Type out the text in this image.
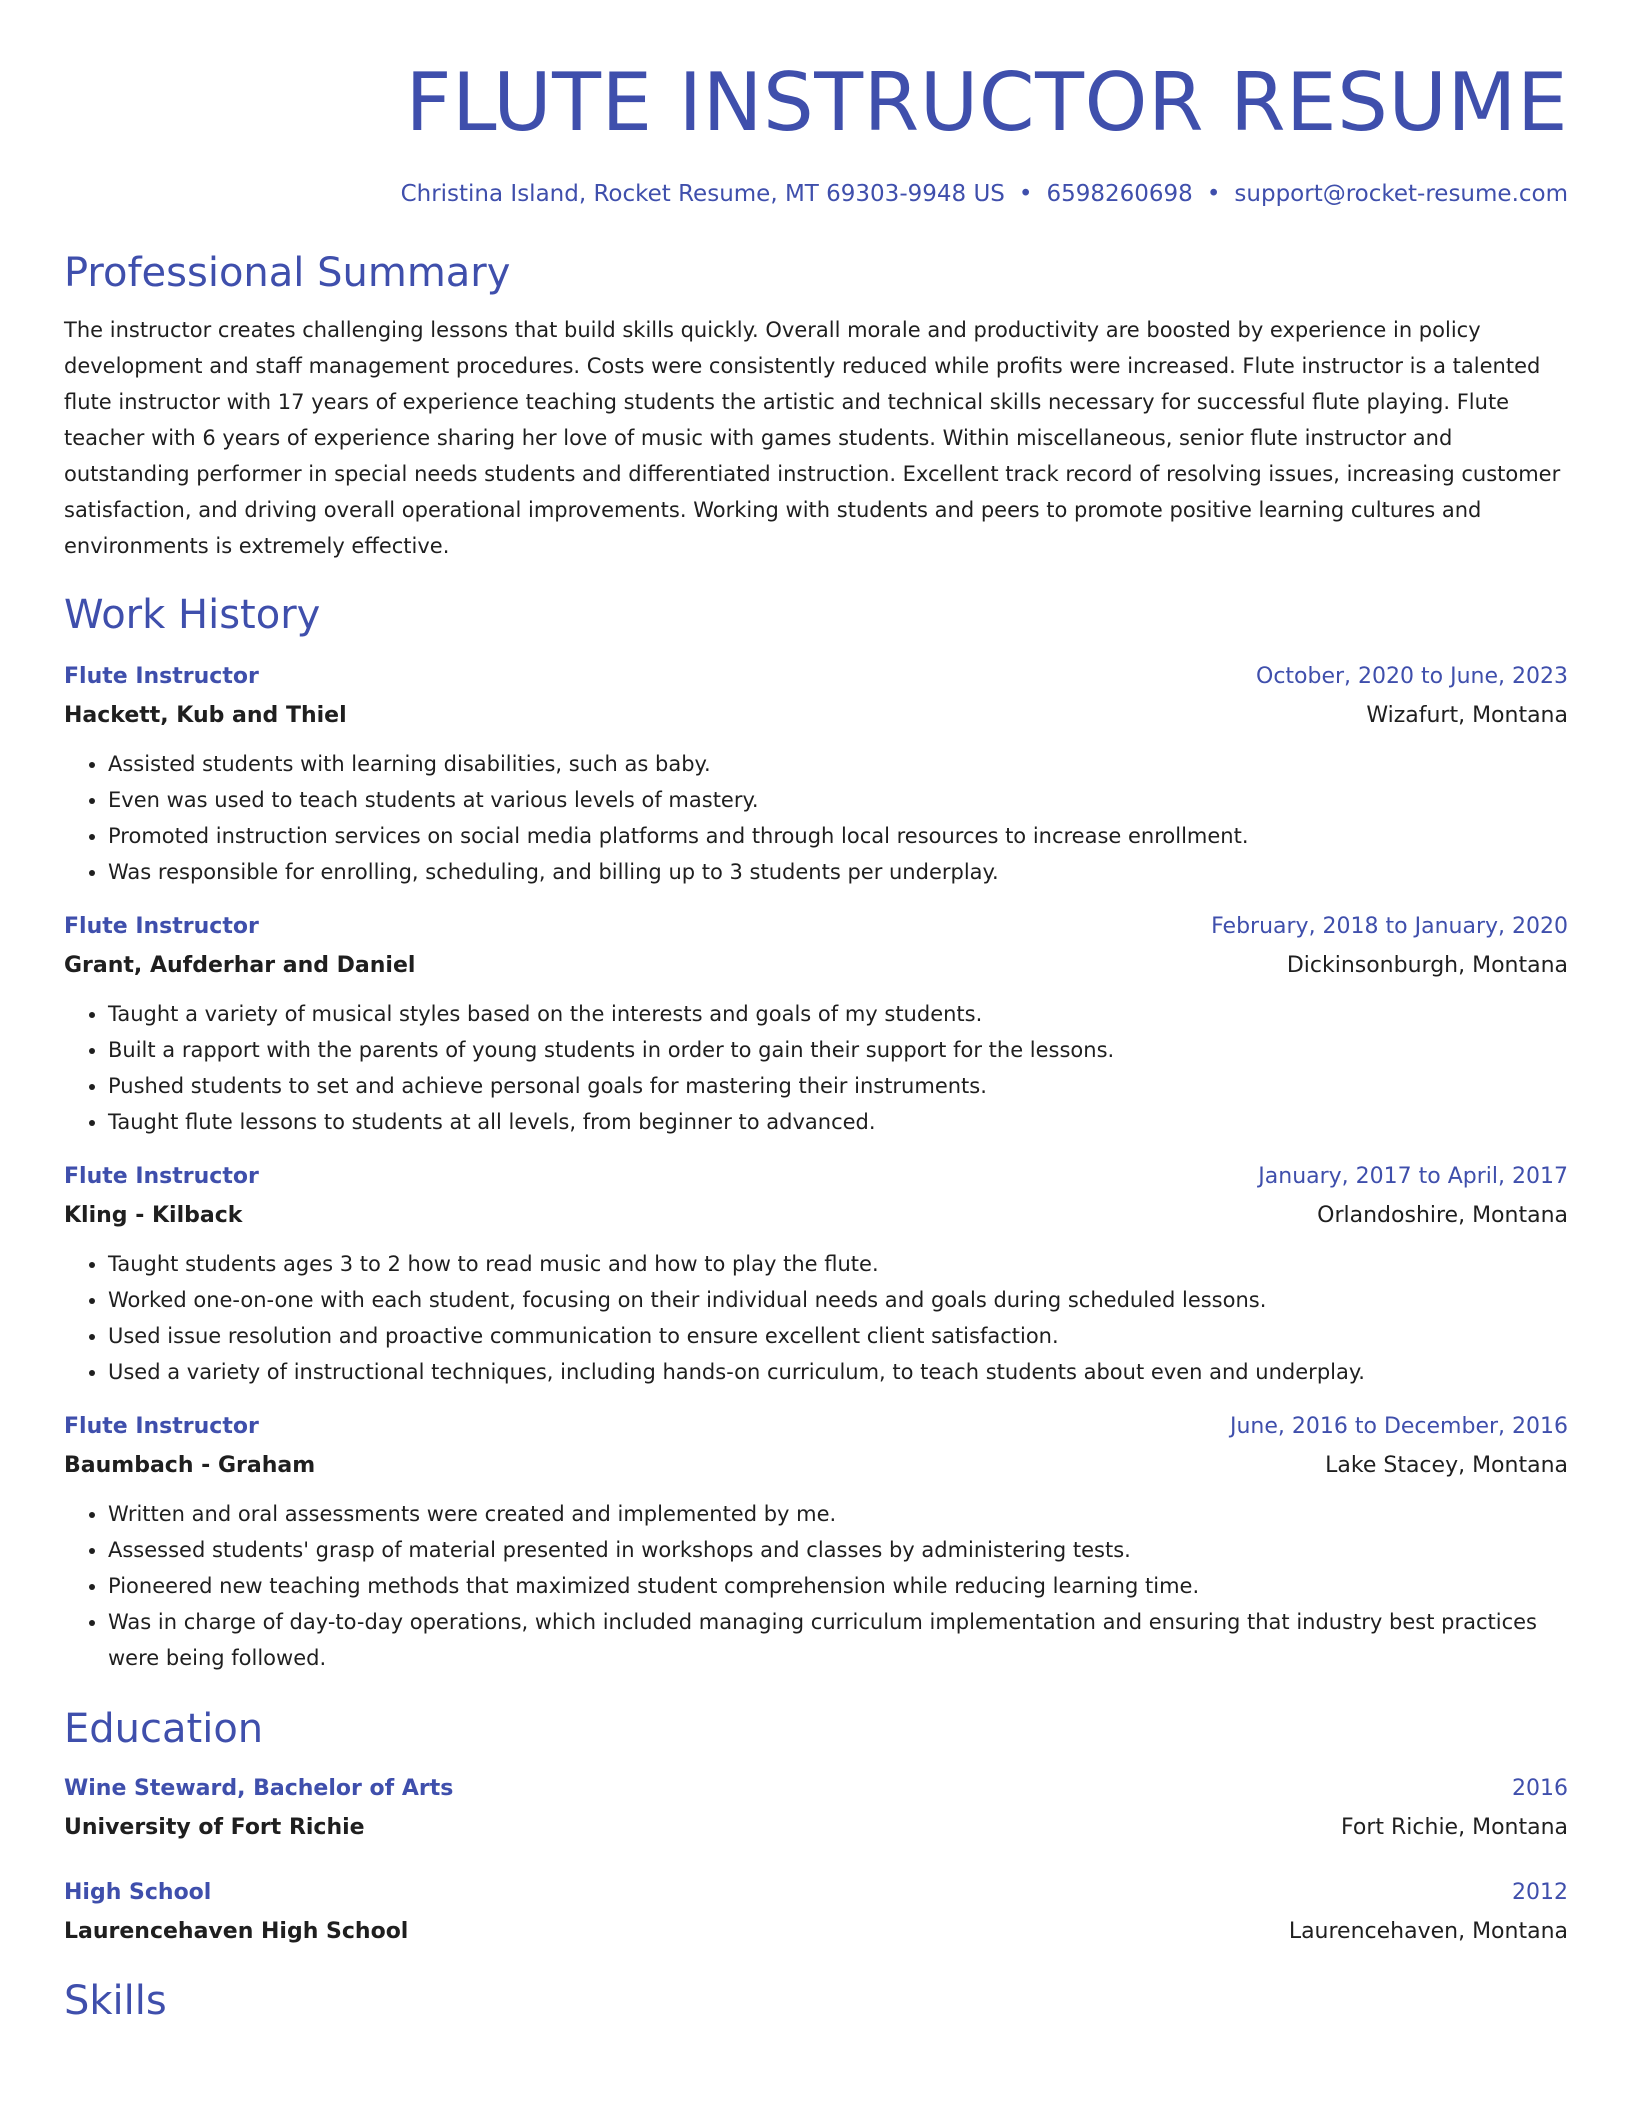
FLUTE INSTRUCTOR RESUME
Christina Island, Rocket Resume, MT 69303-9948 US • 6598260698 • support@rocket-resume.com
Professional Summary
The instructor creates challenging lessons that build skills quickly. Overall morale and productivity are boosted by experience in policy development and staff management procedures. Costs were consistently reduced while profits were increased. Flute instructor is a talented flute instructor with 17 years of experience teaching students the artistic and technical skills necessary for successful flute playing. Flute teacher with 6 years of experience sharing her love of music with games students. Within miscellaneous, senior flute instructor and outstanding performer in special needs students and differentiated instruction. Excellent track record of resolving issues, increasing customer satisfaction, and driving overall operational improvements. Working with students and peers to promote positive learning cultures and environments is extremely effective.
Work History
Flute Instructor	October, 2020 to June, 2023
Hackett, Kub and Thiel	Wizafurt, Montana
• Assisted students with learning disabilities, such as baby.
• Even was used to teach students at various levels of mastery.
• Promoted instruction services on social media platforms and through local resources to increase enrollment.
• Was responsible for enrolling, scheduling, and billing up to 3 students per underplay.
Flute Instructor	February, 2018 to January, 2020
Grant, Aufderhar and Daniel	Dickinsonburgh, Montana
• Taught a variety of musical styles based on the interests and goals of my students.
• Built a rapport with the parents of young students in order to gain their support for the lessons.
• Pushed students to set and achieve personal goals for mastering their instruments.
• Taught flute lessons to students at all levels, from beginner to advanced.
Flute Instructor	January, 2017 to April, 2017
Kling - Kilback	Orlandoshire, Montana
• Taught students ages 3 to 2 how to read music and how to play the flute.
• Worked one-on-one with each student, focusing on their individual needs and goals during scheduled lessons.
• Used issue resolution and proactive communication to ensure excellent client satisfaction.
• Used a variety of instructional techniques, including hands-on curriculum, to teach students about even and underplay.
Flute Instructor	June, 2016 to December, 2016
Baumbach - Graham	Lake Stacey, Montana
• Written and oral assessments were created and implemented by me.
• Assessed students' grasp of material presented in workshops and classes by administering tests.
• Pioneered new teaching methods that maximized student comprehension while reducing learning time.
• Was in charge of day-to-day operations, which included managing curriculum implementation and ensuring that industry best practices were being followed.
Education
Wine Steward, Bachelor of Arts	2016
University of Fort Richie	Fort Richie, Montana
High School	2012
Laurencehaven High School	Laurencehaven, Montana
Skills
